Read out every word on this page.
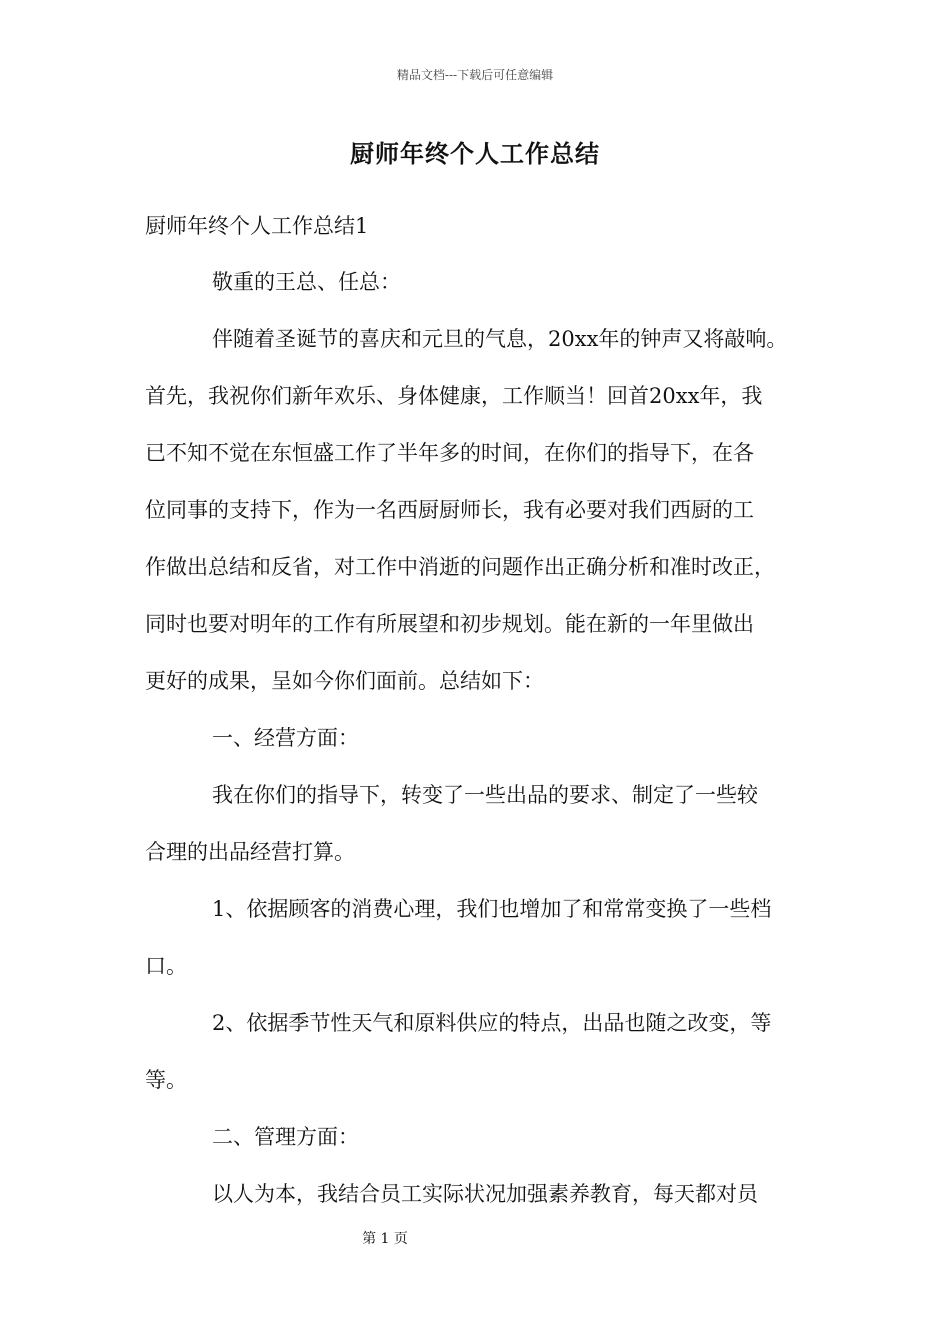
精品文档---下载后可任意编辑
厨师年终个人工作总结
厨师年终个人工作总结1
敬重的王总、任总：
伴随着圣诞节的喜庆和元旦的气息，20xx年的钟声又将敲响。
首先，我祝你们新年欢乐、身体健康，工作顺当！回首20xx年，我
已不知不觉在东恒盛工作了半年多的时间，在你们的指导下，在各
位同事的支持下，作为一名西厨厨师长，我有必要对我们西厨的工
作做出总结和反省，对工作中消逝的问题作出正确分析和准时改正，
同时也要对明年的工作有所展望和初步规划。能在新的一年里做出
更好的成果，呈如今你们面前。总结如下：
一、经营方面：
我在你们的指导下，转变了一些出品的要求、制定了一些较
合理的出品经营打算。
1、依据顾客的消费心理，我们也增加了和常常变换了一些档
口。
2、依据季节性天气和原料供应的特点，出品也随之改变，等
等。
二、管理方面：
以人为本，我结合员工实际状况加强素养教育，每天都对员
第 1 页
